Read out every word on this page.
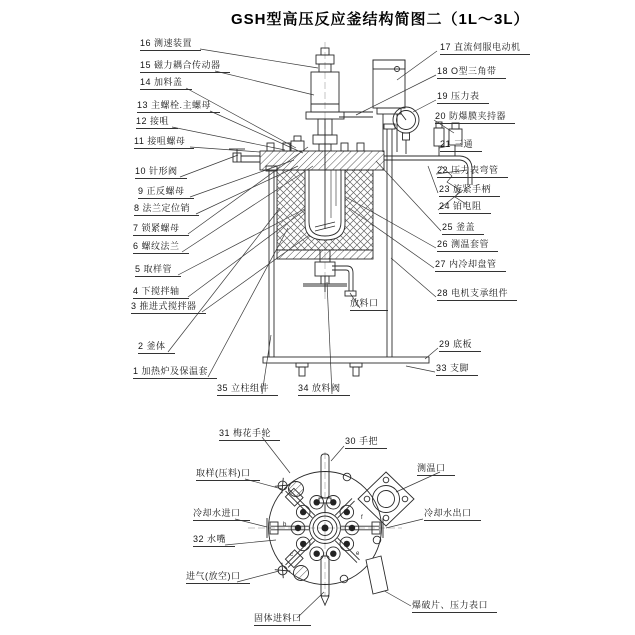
b
c	e
f
GSH型高压反应釜结构简图二（1L～3L）
16 测速装置
15 磁力耦合传动器
14 加料盖
13 主螺栓.主螺母
12 接咀
11 接咀螺母
10 针形阀
9 正反螺母
8 法兰定位销
7 锁紧螺母
6 螺纹法兰
5 取样管
4 下搅拌轴
3 推进式搅拌器
2 釜体
1 加热炉及保温套
17 直流伺服电动机
18 O型三角带
19 压力表
20 防爆膜夹持器
21 三通
22 压力表弯管
23 旋紧手柄
24 铂电阻
25 釜盖
26 测温套管
27 内冷却盘管
28 电机支承组件
29 底板
33 支脚
35 立柱组件	34 放料阀
放料口
31 梅花手轮
30 手把
取样(压料)口	测温口
冷却水进口	冷却水出口
32 水嘴
进气(放空)口
固体进料口
爆破片、压力表口
